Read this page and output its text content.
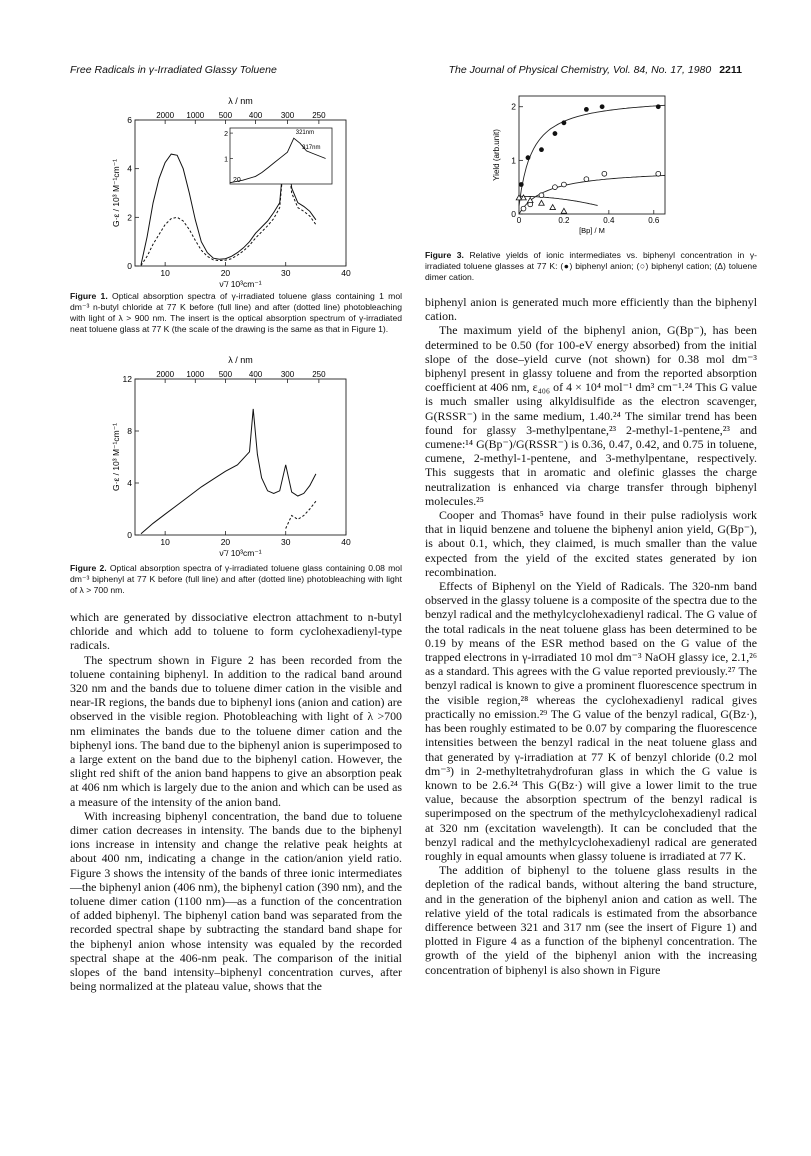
Free Radicals in γ-Irradiated Glassy Toluene	The Journal of Physical Chemistry, Vol. 84, No. 17, 1980 2211
λ / nm
2000 1000 500 400 300 250
10	20	30	40
ν̃ / 10³cm⁻¹
0
2
4
6
G·ε / 10³ M⁻¹cm⁻¹	1
2
20
321nm
317nm
Figure 1. Optical absorption spectra of γ-irradiated toluene glass containing 1 mol dm⁻³ n-butyl chloride at 77 K before (full line) and after (dotted line) photobleaching with light of λ > 900 nm. The insert is the optical absorption spectrum of γ-irradiated neat toluene glass at 77 K (the scale of the drawing is the same as that in Figure 1).
λ / nm
2000 1000 500 400 300 250
10	20	30	40
ν̃ / 10³cm⁻¹
0
4
8
12
G·ε / 10³ M⁻¹cm⁻¹
Figure 2. Optical absorption spectra of γ-irradiated toluene glass containing 0.08 mol dm⁻³ biphenyl at 77 K before (full line) and after (dotted line) photobleaching with light of λ > 700 nm.

which are generated by dissociative electron attachment to n-butyl chloride and which add to toluene to form cyclohexadienyl-type radicals.

The spectrum shown in Figure 2 has been recorded from the toluene containing biphenyl. In addition to the radical band around 320 nm and the bands due to toluene dimer cation in the visible and near-IR regions, the bands due to biphenyl ions (anion and cation) are observed in the visible region. Photobleaching with light of λ >700 nm eliminates the bands due to the toluene dimer cation and the biphenyl ions. The band due to the biphenyl anion is superimposed to a large extent on the band due to the biphenyl cation. However, the slight red shift of the anion band happens to give an absorption peak at 406 nm which is largely due to the anion and which can be used as a measure of the intensity of the anion band.

With increasing biphenyl concentration, the band due to toluene dimer cation decreases in intensity. The bands due to the biphenyl ions increase in intensity and change the relative peak heights at about 400 nm, indicating a change in the cation/anion yield ratio. Figure 3 shows the intensity of the bands of three ionic intermediates—the biphenyl anion (406 nm), the biphenyl cation (390 nm), and the toluene dimer cation (1100 nm)—as a function of the concentration of added biphenyl. The biphenyl cation band was separated from the recorded spectral shape by subtracting the standard band shape for the biphenyl anion whose intensity was equaled by the recorded spectral shape at the 406-nm peak. The comparison of the initial slopes of the band intensity–biphenyl concentration curves, after being normalized at the plateau value, shows that the

0
1
2
0	0.2	0.4	0.6
[Bp] / M
Yield (arb.unit)
Figure 3. Relative yields of ionic intermediates vs. biphenyl concentration in γ-irradiated toluene glasses at 77 K: (●) biphenyl anion; (○) biphenyl cation; (Δ) toluene dimer cation.

biphenyl anion is generated much more efficiently than the biphenyl cation.

The maximum yield of the biphenyl anion, G(Bp⁻), has been determined to be 0.50 (for 100-eV energy absorbed) from the initial slope of the dose–yield curve (not shown) for 0.38 mol dm⁻³ biphenyl present in glassy toluene and from the reported absorption coefficient at 406 nm, ε₄₀₆ of 4 × 10⁴ mol⁻¹ dm³ cm⁻¹.²⁴ This G value is much smaller using alkyldisulfide as the electron scavenger, G(RSSR⁻) in the same medium, 1.40.²⁴ The similar trend has been found for glassy 3-methylpentane,²³ 2-methyl-1-pentene,²³ and cumene:¹⁴ G(Bp⁻)/G(RSSR⁻) is 0.36, 0.47, 0.42, and 0.75 in toluene, cumene, 2-methyl-1-pentene, and 3-methylpentane, respectively. This suggests that in aromatic and olefinic glasses the charge neutralization is enhanced via charge transfer through biphenyl molecules.²⁵

Cooper and Thomas⁵ have found in their pulse radiolysis work that in liquid benzene and toluene the biphenyl anion yield, G(Bp⁻), is about 0.1, which, they claimed, is much smaller than the value expected from the yield of the excited states generated by ion recombination.

Effects of Biphenyl on the Yield of Radicals. The 320-nm band observed in the glassy toluene is a composite of the spectra due to the benzyl radical and the methylcyclohexadienyl radical. The G value of the total radicals in the neat toluene glass has been determined to be 0.19 by means of the ESR method based on the G value of the trapped electrons in γ-irradiated 10 mol dm⁻³ NaOH glassy ice, 2.1,²⁶ as a standard. This agrees with the G value reported previously.²⁷ The benzyl radical is known to give a prominent fluorescence spectrum in the visible region,²⁸ whereas the cyclohexadienyl radical gives practically no emission.²⁹ The G value of the benzyl radical, G(Bz·), has been roughly estimated to be 0.07 by comparing the fluorescence intensities between the benzyl radical in the neat toluene glass and that generated by γ-irradiation at 77 K of benzyl chloride (0.2 mol dm⁻³) in 2-methyltetrahydrofuran glass in which the G value is known to be 2.6.²⁴ This G(Bz·) will give a lower limit to the true value, because the absorption spectrum of the benzyl radical is superimposed on the spectrum of the methylcyclohexadienyl radical at 320 nm (excitation wavelength). It can be concluded that the benzyl radical and the methylcyclohexadienyl radical are generated roughly in equal amounts when glassy toluene is irradiated at 77 K.

The addition of biphenyl to the toluene glass results in the depletion of the radical bands, without altering the band structure, and in the generation of the biphenyl anion and cation as well. The relative yield of the total radicals is estimated from the absorbance difference between 321 and 317 nm (see the insert of Figure 1) and plotted in Figure 4 as a function of the biphenyl concentration. The growth of the yield of the biphenyl anion with the increasing concentration of biphenyl is also shown in Figure
